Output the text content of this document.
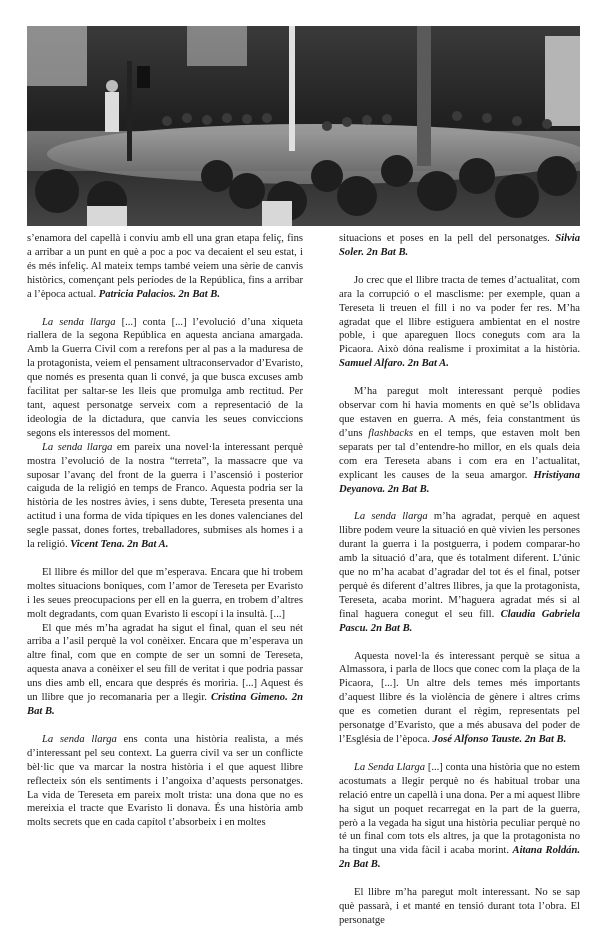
s’enamora del capellà i conviu amb ell una gran etapa feliç, fins a arribar a un punt en què a poc a poc va decaient el seu estat, i és més infeliç. Al mateix temps també veiem una sèrie de canvis històrics, començant pels períodes de la República, fins a arribar a l’època actual. Patricia Palacios. 2n Bat B.

La senda llarga [...] conta [...] l’evolució d’una xiqueta riallera de la segona República en aquesta anciana amargada. Amb la Guerra Civil com a rerefons per al pas a la maduresa de la protagonista, veiem el pensament ultraconservador d’Evaristo, que només es presenta quan li convé, ja que busca excuses amb facilitat per saltar-se les lleis que promulga amb rectitud. Per tant, aquest personatge serveix com a representació de la ideologia de la dictadura, que canvia les seues conviccions segons els interessos del moment.

La senda llarga em pareix una novel·la interessant perquè mostra l’evolució de la nostra “terreta”, la massacre que va suposar l’avanç del front de la guerra i l’ascensió i posterior caiguda de la religió en temps de Franco. Aquesta podria ser la història de les nostres àvies, i sens dubte, Tereseta presenta una actitud i una forma de vida típiques en les dones valencianes del segle passat, dones fortes, treballadores, submises als homes i a la religió. Vicent Tena. 2n Bat A.

El llibre és millor del que m’esperava. Encara que hi trobem moltes situacions boniques, com l’amor de Tereseta per Evaristo i les seues preocupacions per ell en la guerra, en trobem d’altres molt degradants, com quan Evaristo li escopí i la insultà. [...]

El que més m’ha agradat ha sigut el final, quan el seu nét arriba a l’asil perquè la vol conèixer. Encara que m’esperava un altre final, com que en compte de ser un somni de Tereseta, aquesta anava a conèixer el seu fill de veritat i que podria passar uns dies amb ell, encara que després és moriria. [...] Aquest és un llibre que jo recomanaria per a llegir. Cristina Gimeno. 2n Bat B.

La senda llarga ens conta una història realista, a més d’interessant pel seu context. La guerra civil va ser un conflicte bèl·lic que va marcar la nostra història i el que aquest llibre reflecteix són els sentiments i l’angoixa d’aquests personatges. La vida de Tereseta em pareix molt trista: una dona que no es mereixia el tracte que Evaristo li donava. És una història amb molts secrets que en cada capítol t’absorbeix i en moltes

situacions et poses en la pell del personatges. Silvia Soler. 2n Bat B.

Jo crec que el llibre tracta de temes d’actualitat, com ara la corrupció o el masclisme: per exemple, quan a Tereseta li treuen el fill i no va poder fer res. M’ha agradat que el llibre estiguera ambientat en el nostre poble, i que apareguen llocs coneguts com ara la Picaora. Això dóna realisme i proximitat a la història. Samuel Alfaro. 2n Bat A.

M’ha paregut molt interessant perquè podies observar com hi havia moments en què se’ls oblidava que estaven en guerra. A més, feia constantment ús d’uns flashbacks en el temps, que estaven molt ben separats per tal d’entendre-ho millor, en els quals deia com era Tereseta abans i com era en l’actualitat, explicant les causes de la seua amargor. Hristiyana Deyanova. 2n Bat B.

La senda llarga m’ha agradat, perquè en aquest llibre podem veure la situació en què vivien les persones durant la guerra i la postguerra, i podem comparar-ho amb la situació d’ara, que és totalment diferent. L’únic que no m’ha acabat d’agradar del tot és el final, potser perquè és diferent d’altres llibres, ja que la protagonista, Tereseta, acaba morint. M’haguera agradat més si al final haguera conegut el seu fill. Claudia Gabriela Pascu. 2n Bat B.

Aquesta novel·la és interessant perquè se situa a Almassora, i parla de llocs que conec com la plaça de la Picaora, [...]. Un altre dels temes més importants d’aquest llibre és la violència de gènere i altres crims que es cometien durant el règim, representats pel personatge d’Evaristo, que a més abusava del poder de l’Església de l’època. José Alfonso Tauste. 2n Bat B.

La Senda Llarga [...] conta una història que no estem acostumats a llegir perquè no és habitual trobar una relació entre un capellà i una dona. Per a mi aquest llibre ha sigut un poquet recarregat en la part de la guerra, però a la vegada ha sigut una història peculiar perquè no té un final com tots els altres, ja que la protagonista no ha tingut una vida fàcil i acaba morint. Aitana Roldán. 2n Bat B.

El llibre m’ha paregut molt interessant. No se sap què passarà, i et manté en tensió durant tota l’obra. El personatge
